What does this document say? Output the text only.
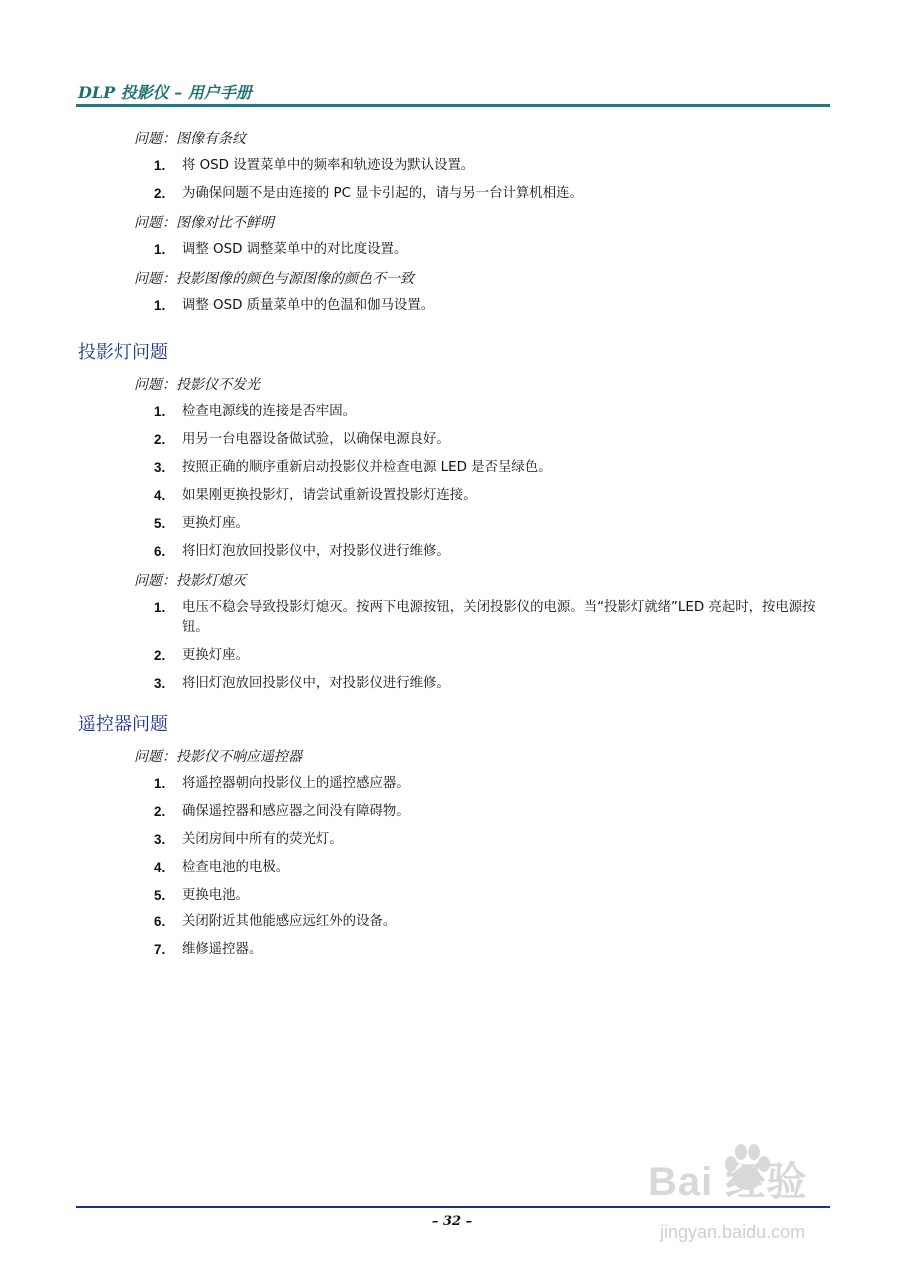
DLP 投影仪 – 用户手册
问题：图像有条纹
1. 将 OSD 设置菜单中的频率和轨迹设为默认设置。
2. 为确保问题不是由连接的 PC 显卡引起的，请与另一台计算机相连。
问题：图像对比不鲜明
1. 调整 OSD 调整菜单中的对比度设置。
问题：投影图像的颜色与源图像的颜色不一致
1. 调整 OSD 质量菜单中的色温和伽马设置。
投影灯问题
问题：投影仪不发光
1. 检查电源线的连接是否牢固。
2. 用另一台电器设备做试验，以确保电源良好。
3. 按照正确的顺序重新启动投影仪并检查电源 LED 是否呈绿色。
4. 如果刚更换投影灯，请尝试重新设置投影灯连接。
5. 更换灯座。
6. 将旧灯泡放回投影仪中，对投影仪进行维修。
问题：投影灯熄灭
1. 电压不稳会导致投影灯熄灭。按两下电源按钮，关闭投影仪的电源。当“投影灯就绪”LED 亮起时，按电源按钮。
2. 更换灯座。
3. 将旧灯泡放回投影仪中，对投影仪进行维修。
遥控器问题
问题：投影仪不响应遥控器
1. 将遥控器朝向投影仪上的遥控感应器。
2. 确保遥控器和感应器之间没有障碍物。
3. 关闭房间中所有的荧光灯。
4. 检查电池的电极。
5. 更换电池。
6. 关闭附近其他能感应远红外的设备。
7. 维修遥控器。
Bai 经验
– 32 –
jingyan.baidu.com
